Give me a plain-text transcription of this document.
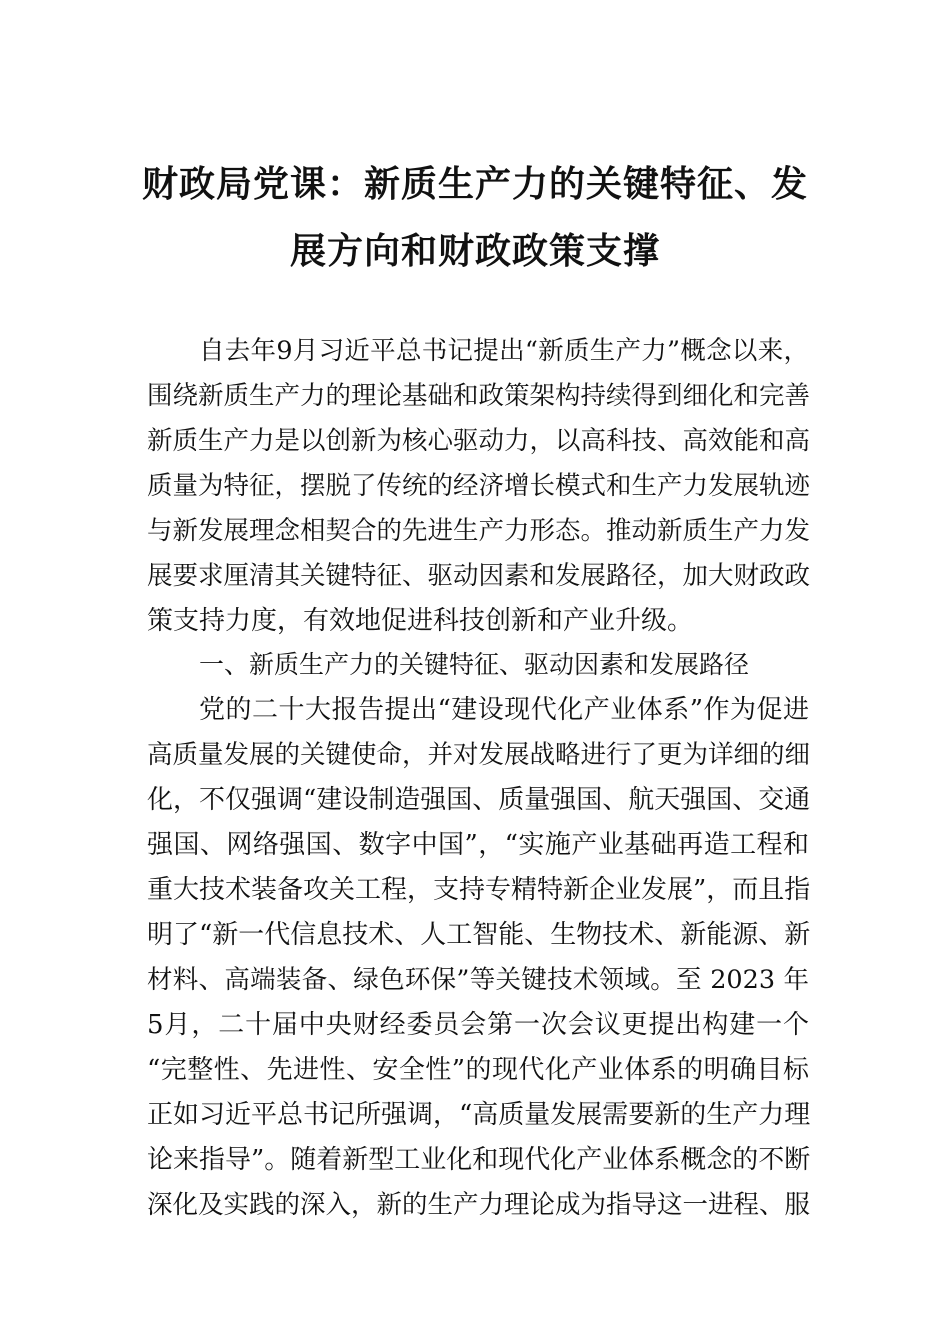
财政局党课：新质生产力的关键特征、发
展方向和财政政策支撑
自去年9月习近平总书记提出“新质生产力”概念以来，
围绕新质生产力的理论基础和政策架构持续得到细化和完善
新质生产力是以创新为核心驱动力，以高科技、高效能和高
质量为特征，摆脱了传统的经济增长模式和生产力发展轨迹
与新发展理念相契合的先进生产力形态。推动新质生产力发
展要求厘清其关键特征、驱动因素和发展路径，加大财政政
策支持力度，有效地促进科技创新和产业升级。
一、新质生产力的关键特征、驱动因素和发展路径
党的二十大报告提出“建设现代化产业体系”作为促进
高质量发展的关键使命，并对发展战略进行了更为详细的细
化，不仅强调“建设制造强国、质量强国、航天强国、交通
强国、网络强国、数字中国”，“实施产业基础再造工程和
重大技术装备攻关工程，支持专精特新企业发展”，而且指
明了“新一代信息技术、人工智能、生物技术、新能源、新
材料、高端装备、绿色环保”等关键技术领域。至 2023 年
5月，二十届中央财经委员会第一次会议更提出构建一个
“完整性、先进性、安全性”的现代化产业体系的明确目标
正如习近平总书记所强调，“高质量发展需要新的生产力理
论来指导”。随着新型工业化和现代化产业体系概念的不断
深化及实践的深入，新的生产力理论成为指导这一进程、服
